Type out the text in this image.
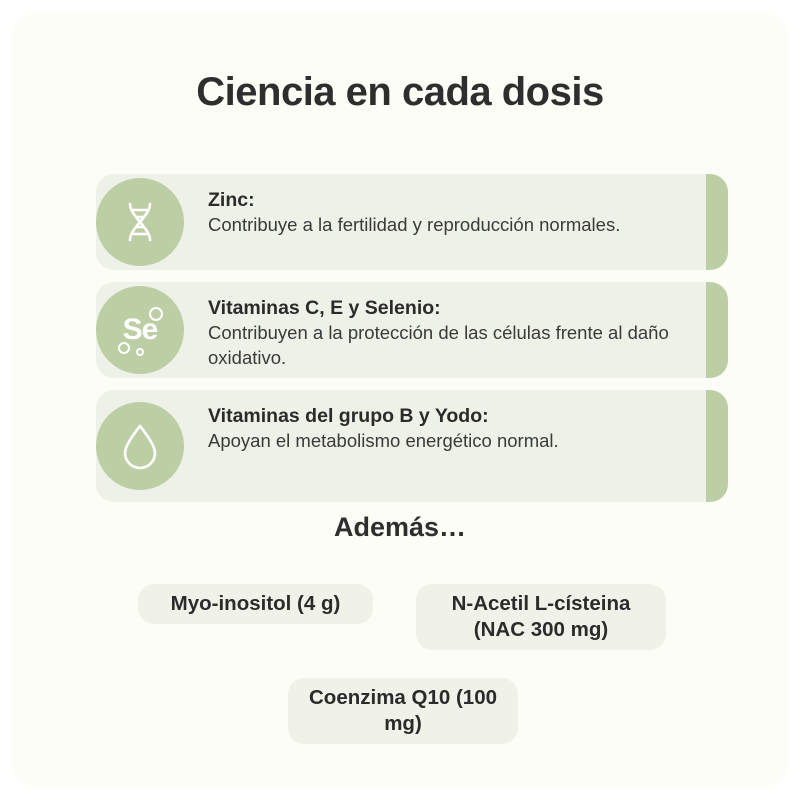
Ciencia en cada dosis
Zinc:
Contribuye a la fertilidad y reproducción normales.
Se
Vitaminas C, E y Selenio:
Contribuyen a la protección de las células frente al daño oxidativo.
Vitaminas del grupo B y Yodo:
Apoyan el metabolismo energético normal.
Además…
Myo-inositol (4 g)	N-Acetil L-císteina (NAC 300 mg)
Coenzima Q10 (100 mg)
